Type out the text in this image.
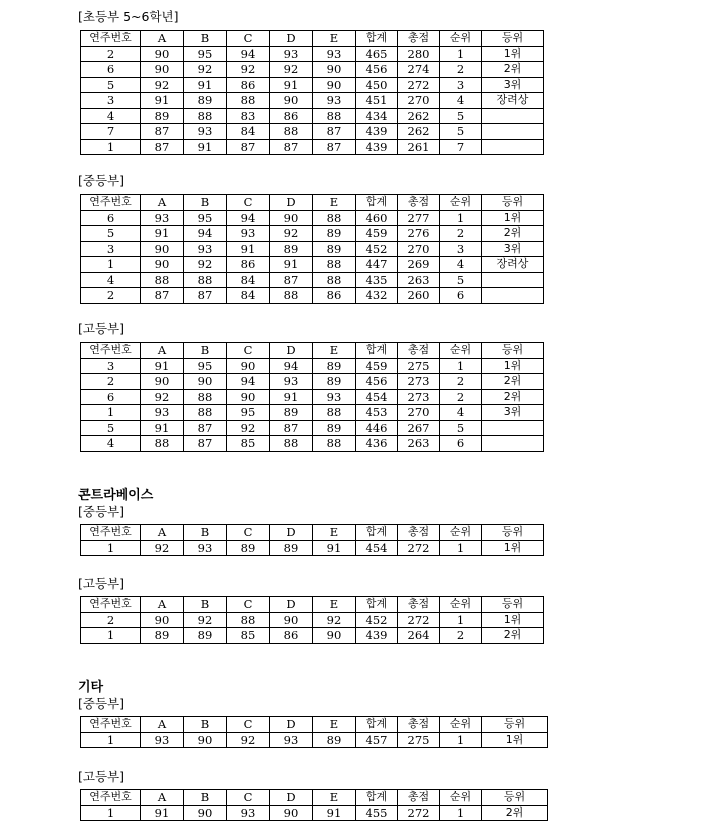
[초등부 5~6학년]
연주번호	A	B	C	D	E	합계	총점	순위	등위
2	90	95	94	93	93	465	280	1	1위
6	90	92	92	92	90	456	274	2	2위
5	92	91	86	91	90	450	272	3	3위
3	91	89	88	90	93	451	270	4	장려상
4	89	88	83	86	88	434	262	5	
7	87	93	84	88	87	439	262	5	
1	87	91	87	87	87	439	261	7	
[중등부]
연주번호	A	B	C	D	E	합계	총점	순위	등위
6	93	95	94	90	88	460	277	1	1위
5	91	94	93	92	89	459	276	2	2위
3	90	93	91	89	89	452	270	3	3위
1	90	92	86	91	88	447	269	4	장려상
4	88	88	84	87	88	435	263	5	
2	87	87	84	88	86	432	260	6	
[고등부]
연주번호	A	B	C	D	E	합계	총점	순위	등위
3	91	95	90	94	89	459	275	1	1위
2	90	90	94	93	89	456	273	2	2위
6	92	88	90	91	93	454	273	2	2위
1	93	88	95	89	88	453	270	4	3위
5	91	87	92	87	89	446	267	5	
4	88	87	85	88	88	436	263	6	
콘트라베이스
[중등부]
연주번호	A	B	C	D	E	합계	총점	순위	등위
1	92	93	89	89	91	454	272	1	1위
[고등부]
연주번호	A	B	C	D	E	합계	총점	순위	등위
2	90	92	88	90	92	452	272	1	1위
1	89	89	85	86	90	439	264	2	2위
기타
[중등부]
연주번호	A	B	C	D	E	합계	총점	순위	등위
1	93	90	92	93	89	457	275	1	1위
[고등부]
연주번호	A	B	C	D	E	합계	총점	순위	등위
1	91	90	93	90	91	455	272	1	2위
